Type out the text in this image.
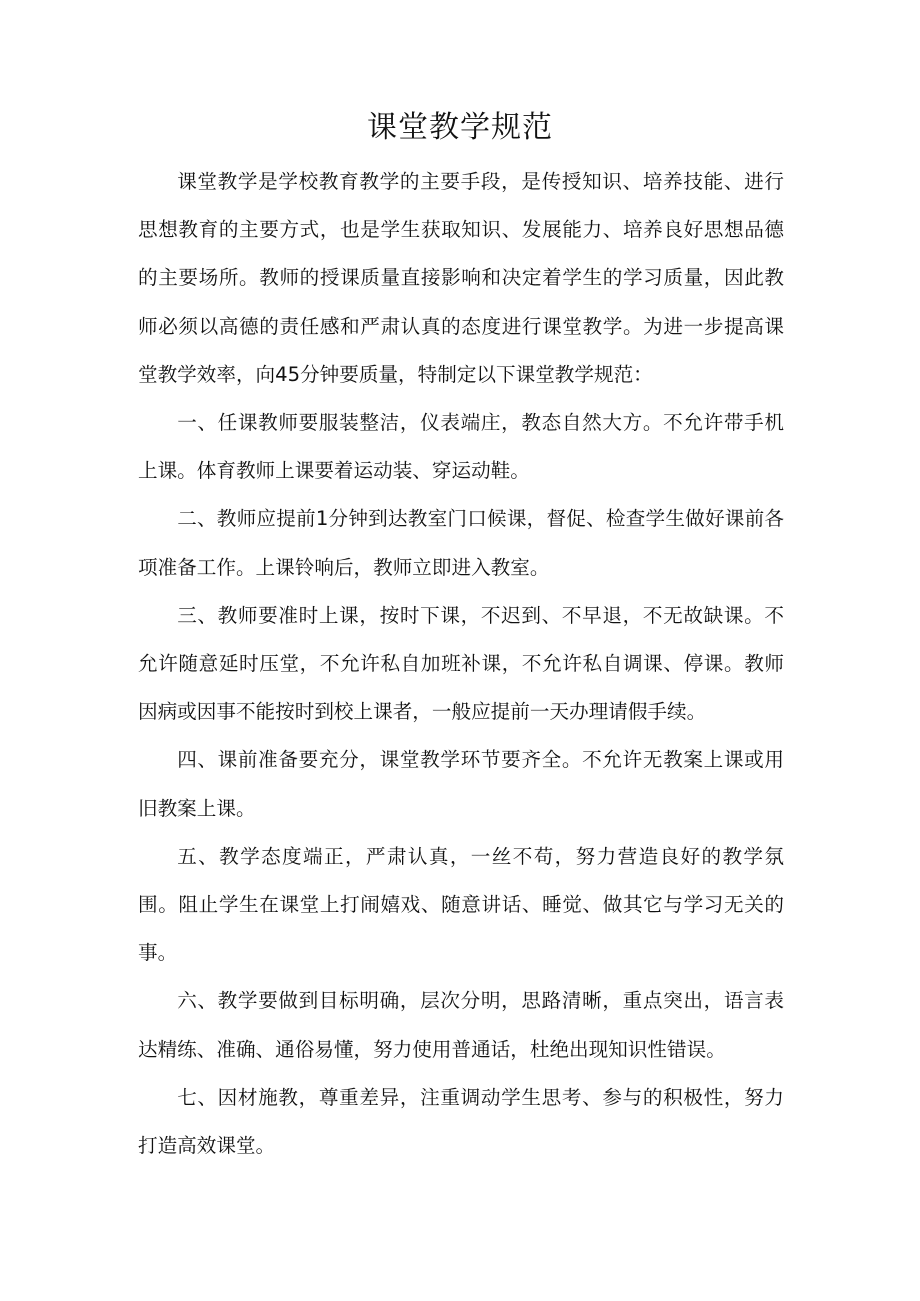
课堂教学规范

课堂教学是学校教育教学的主要手段，是传授知识、培养技能、进行思想教育的主要方式，也是学生获取知识、发展能力、培养良好思想品德的主要场所。教师的授课质量直接影响和决定着学生的学习质量，因此教师必须以高德的责任感和严肃认真的态度进行课堂教学。为进一步提高课堂教学效率，向45分钟要质量，特制定以下课堂教学规范：

一、任课教师要服装整洁，仪表端庄，教态自然大方。不允许带手机上课。体育教师上课要着运动装、穿运动鞋。

二、教师应提前1分钟到达教室门口候课，督促、检查学生做好课前各项准备工作。上课铃响后，教师立即进入教室。

三、教师要准时上课，按时下课，不迟到、不早退，不无故缺课。不允许随意延时压堂，不允许私自加班补课，不允许私自调课、停课。教师因病或因事不能按时到校上课者，一般应提前一天办理请假手续。

四、课前准备要充分，课堂教学环节要齐全。不允许无教案上课或用旧教案上课。

五、教学态度端正，严肃认真，一丝不苟，努力营造良好的教学氛围。阻止学生在课堂上打闹嬉戏、随意讲话、睡觉、做其它与学习无关的事。

六、教学要做到目标明确，层次分明，思路清晰，重点突出，语言表达精练、准确、通俗易懂，努力使用普通话，杜绝出现知识性错误。

七、因材施教，尊重差异，注重调动学生思考、参与的积极性，努力打造高效课堂。
